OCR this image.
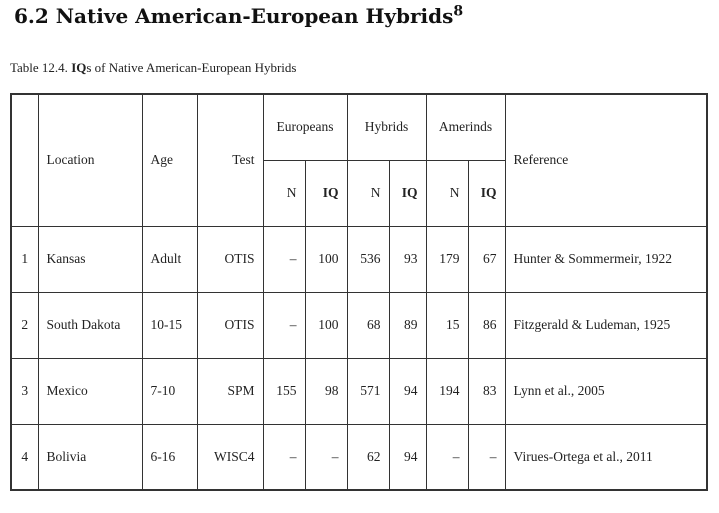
6.2 Native American-European Hybrids$^8$
Table 12.4. IQs of Native American-European Hybrids
	Location	Age	Test	Europeans		Hybrids		Amerinds		Reference
				N	IQ	N	IQ	N	IQ	
1	Kansas	Adult	OTIS	–	100	536	93	179	67	Hunter & Sommermeir, 1922
2	South Dakota	10-15	OTIS	–	100	68	89	15	86	Fitzgerald & Ludeman, 1925
3	Mexico	7-10	SPM	155	98	571	94	194	83	Lynn et al., 2005
4	Bolivia	6-16	WISC4	–	–	62	94	–	–	Virues-Ortega et al., 2011
